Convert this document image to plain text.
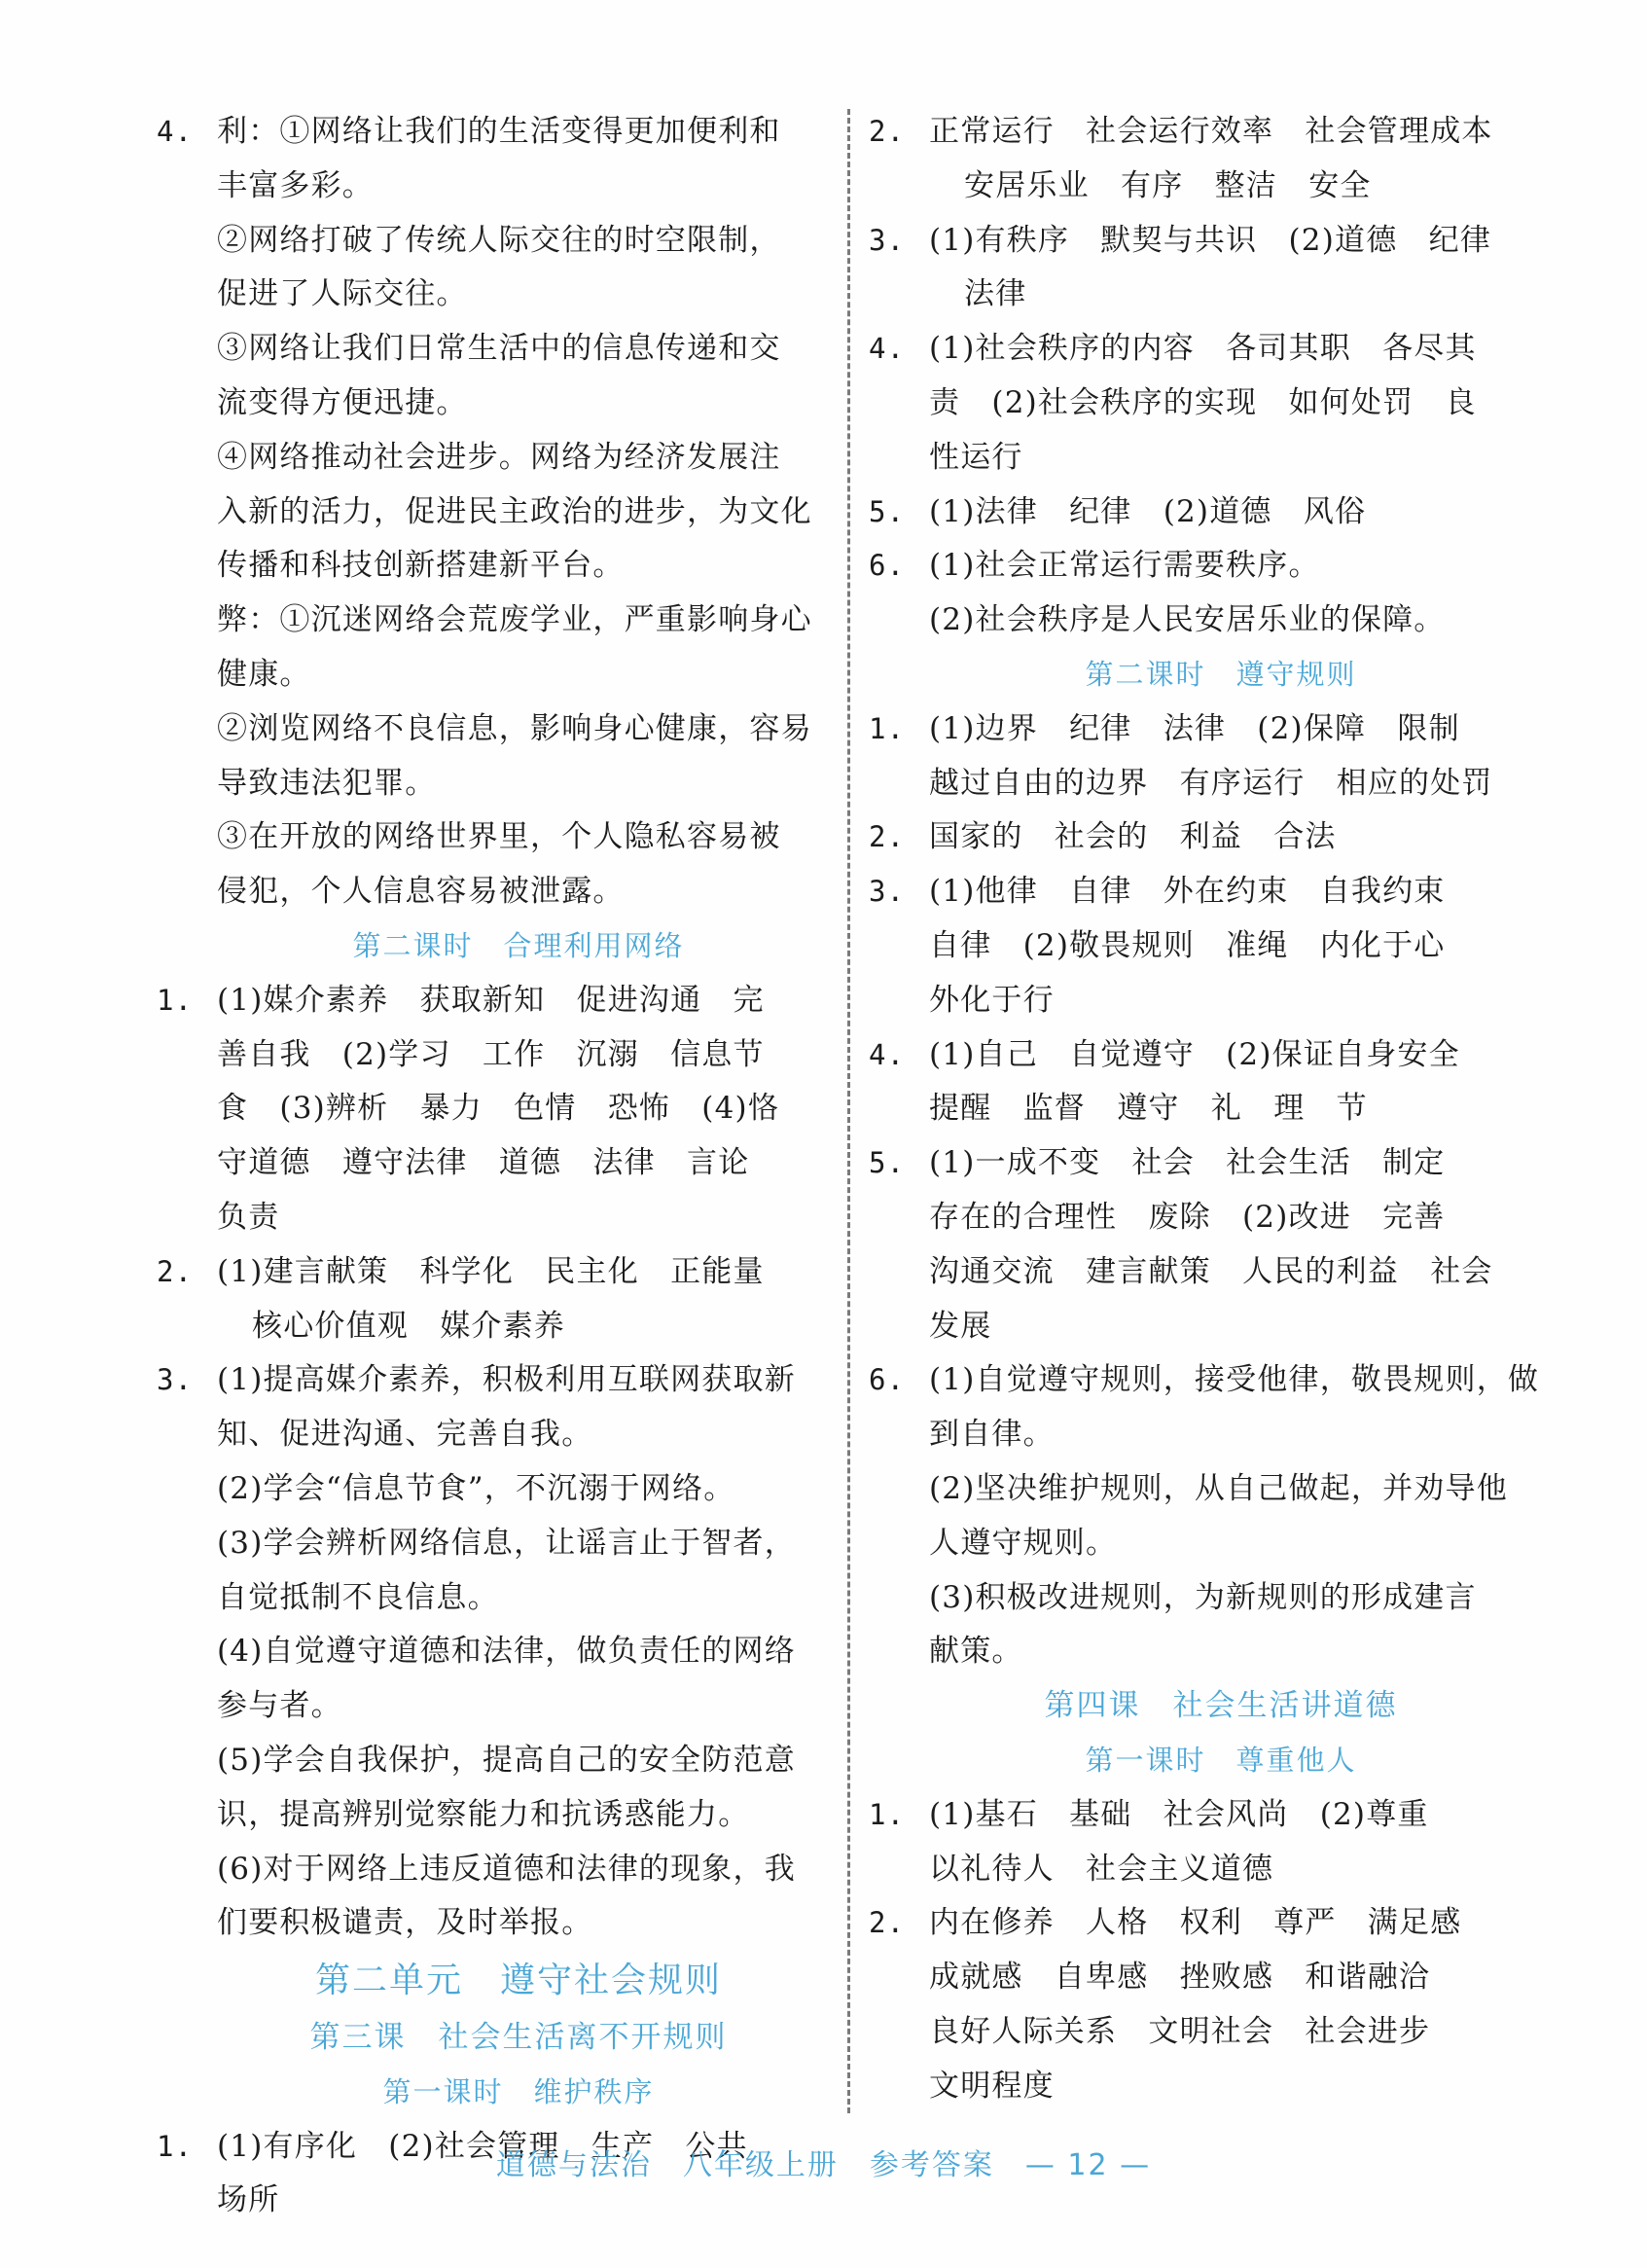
4. 利：①网络让我们的生活变得更加便利和
丰富多彩。
②网络打破了传统人际交往的时空限制，
促进了人际交往。
③网络让我们日常生活中的信息传递和交
流变得方便迅捷。
④网络推动社会进步。网络为经济发展注
入新的活力，促进民主政治的进步，为文化
传播和科技创新搭建新平台。
弊：①沉迷网络会荒废学业，严重影响身心
健康。
②浏览网络不良信息，影响身心健康，容易
导致违法犯罪。
③在开放的网络世界里，个人隐私容易被
侵犯，个人信息容易被泄露。
第二课时　合理利用网络
1. (1)媒介素养　获取新知　促进沟通　完
善自我　(2)学习　工作　沉溺　信息节
食　(3)辨析　暴力　色情　恐怖　(4)恪
守道德　遵守法律　道德　法律　言论
负责
2. (1)建言献策　科学化　民主化　正能量
核心价值观　媒介素养
3. (1)提高媒介素养，积极利用互联网获取新
知、促进沟通、完善自我。
(2)学会“信息节食”，不沉溺于网络。
(3)学会辨析网络信息，让谣言止于智者，
自觉抵制不良信息。
(4)自觉遵守道德和法律，做负责任的网络
参与者。
(5)学会自我保护，提高自己的安全防范意
识，提高辨别觉察能力和抗诱惑能力。
(6)对于网络上违反道德和法律的现象，我
们要积极谴责，及时举报。
第二单元　遵守社会规则
第三课　社会生活离不开规则
第一课时　维护秩序
1. (1)有序化　(2)社会管理　生产　公共
场所
2. 正常运行　社会运行效率　社会管理成本
安居乐业　有序　整洁　安全
3. (1)有秩序　默契与共识　(2)道德　纪律
法律
4. (1)社会秩序的内容　各司其职　各尽其
责　(2)社会秩序的实现　如何处罚　良
性运行
5. (1)法律　纪律　(2)道德　风俗
6. (1)社会正常运行需要秩序。
(2)社会秩序是人民安居乐业的保障。
第二课时　遵守规则
1. (1)边界　纪律　法律　(2)保障　限制
越过自由的边界　有序运行　相应的处罚
2. 国家的　社会的　利益　合法
3. (1)他律　自律　外在约束　自我约束
自律　(2)敬畏规则　准绳　内化于心
外化于行
4. (1)自己　自觉遵守　(2)保证自身安全
提醒　监督　遵守　礼　理　节
5. (1)一成不变　社会　社会生活　制定
存在的合理性　废除　(2)改进　完善
沟通交流　建言献策　人民的利益　社会
发展
6. (1)自觉遵守规则，接受他律，敬畏规则，做
到自律。
(2)坚决维护规则，从自己做起，并劝导他
人遵守规则。
(3)积极改进规则，为新规则的形成建言
献策。
第四课　社会生活讲道德
第一课时　尊重他人
1. (1)基石　基础　社会风尚　(2)尊重
以礼待人　社会主义道德
2. 内在修养　人格　权利　尊严　满足感
成就感　自卑感　挫败感　和谐融洽
良好人际关系　文明社会　社会进步
文明程度
道德与法治　八年级上册　参考答案　— 12 —
